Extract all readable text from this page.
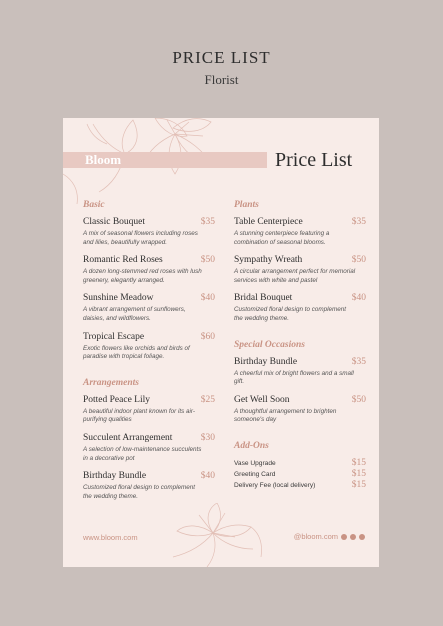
PRICE LIST
Florist
Bloom	Price List
Basic
Classic Bouquet	$35
A mix of seasonal flowers including roses and lilies, beautifully wrapped.
Romantic Red Roses	$50
A dozen long-stemmed red roses with lush greenery, elegantly arranged.
Sunshine Meadow	$40
A vibrant arrangement of sunflowers, daisies, and wildflowers.
Tropical Escape	$60
Exotic flowers like orchids and birds of paradise with tropical foliage.
Arrangements
Potted Peace Lily	$25
A beautiful indoor plant known for its air-purifying qualities
Succulent Arrangement	$30
A selection of low-maintenance succulents in a decorative pot
Birthday Bundle	$40
Customized floral design to complement the wedding theme.
Plants
Table Centerpiece	$35
A stunning centerpiece featuring a combination of seasonal blooms.
Sympathy Wreath	$50
A circular arrangement perfect for memorial services with white and pastel
Bridal Bouquet	$40
Customized floral design to complement the wedding theme.
Special Occasions
Birthday Bundle	$35
A cheerful mix of bright flowers and a small gift.
Get Well Soon	$50
A thoughtful arrangement to brighten someone's day
Add-Ons
Vase Upgrade	$15
Greeting Card	$15
Delivery Fee (local delivery)	$15
www.bloom.com	@bloom.com
